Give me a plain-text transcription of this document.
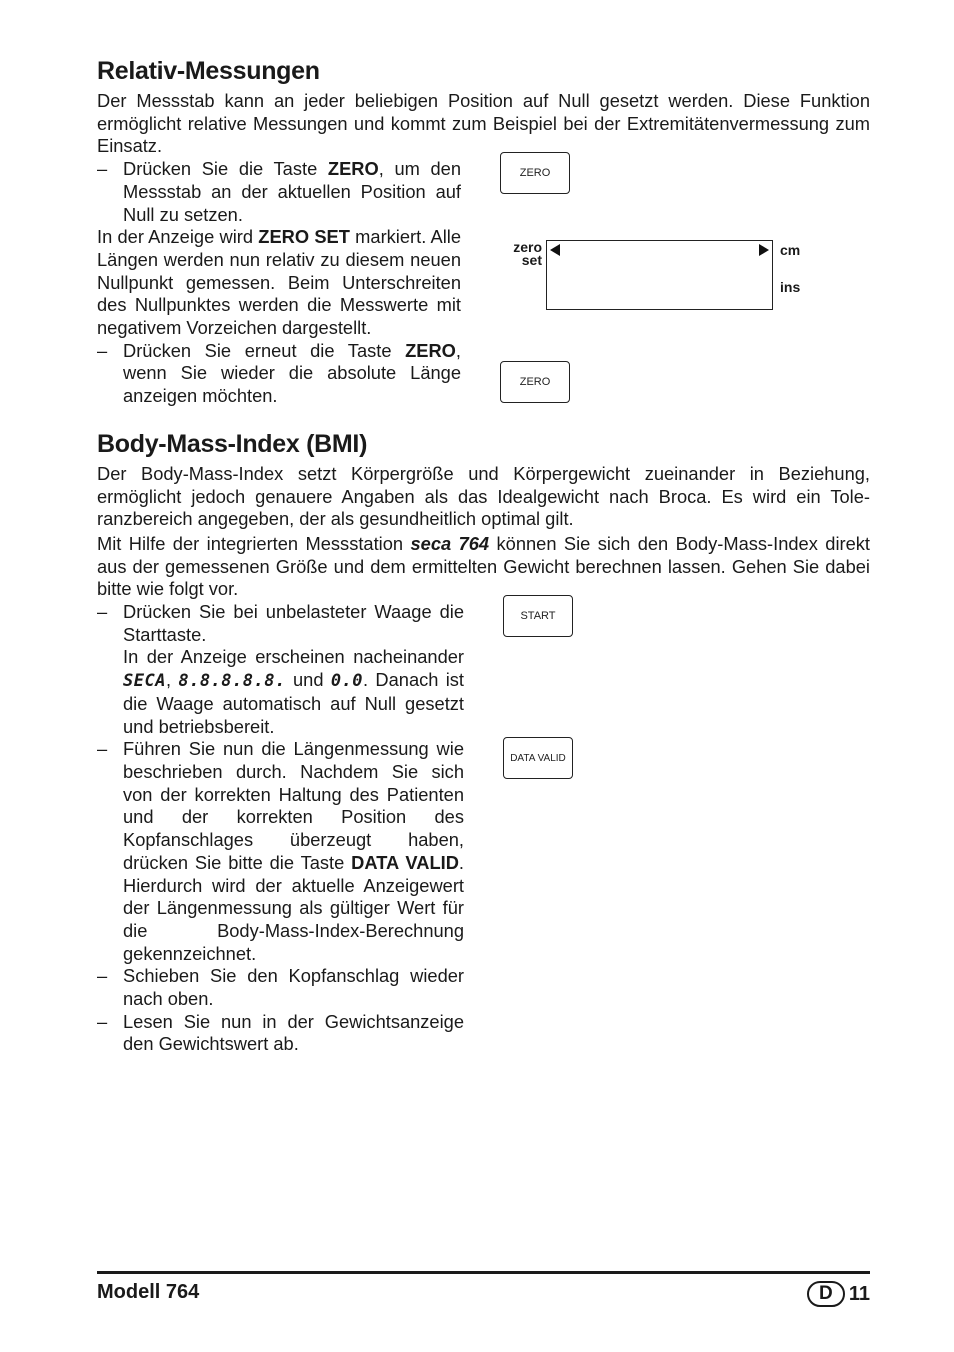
Relativ-Messungen

Der Messstab kann an jeder beliebigen Position auf Null gesetzt werden. Diese Funktion ermöglicht relative Messungen und kommt zum Beispiel bei der Extremitätenvermessung zum Einsatz.

– Drücken Sie die Taste ZERO, um den Messstab an der aktuellen Position auf Null zu setzen.

In der Anzeige wird ZERO SET markiert. Alle Längen werden nun relativ zu diesem neuen Nullpunkt gemessen. Beim Unterschreiten des Nullpunktes werden die Messwerte mit negativem Vorzeichen dargestellt.

– Drücken Sie erneut die Taste ZERO, wenn Sie wieder die absolute Länge anzeigen möchten.
ZERO
zero
set
cm
ins
ZERO
Body-Mass-Index (BMI)

Der Body-Mass-Index setzt Körpergröße und Körpergewicht zueinander in Beziehung, ermöglicht jedoch genauere Angaben als das Idealgewicht nach Broca. Es wird ein Toleranzbereich angegeben, der als gesundheitlich optimal gilt.

Mit Hilfe der integrierten Messstation seca 764 können Sie sich den Body-Mass-Index direkt aus der gemessenen Größe und dem ermittelten Gewicht berechnen lassen. Gehen Sie dabei bitte wie folgt vor.

– Drücken Sie bei unbelasteter Waage die Starttaste.
In der Anzeige erscheinen nacheinander SECA, 8.8.8.8.8. und 0.0. Danach ist die Waage automatisch auf Null gesetzt und betriebsbereit.
– Führen Sie nun die Längenmessung wie beschrieben durch. Nachdem Sie sich von der korrekten Haltung des Patienten und der korrekten Position des Kopfanschlages überzeugt haben, drücken Sie bitte die Taste DATA VALID. Hierdurch wird der aktuelle Anzeigewert der Längenmessung als gültiger Wert für die Body-Mass-Index-Berechnung gekennzeichnet.
– Schieben Sie den Kopfanschlag wieder nach oben.
– Lesen Sie nun in der Gewichtsanzeige den Gewichtswert ab.
START
DATA VALID
Modell 764	D 11
